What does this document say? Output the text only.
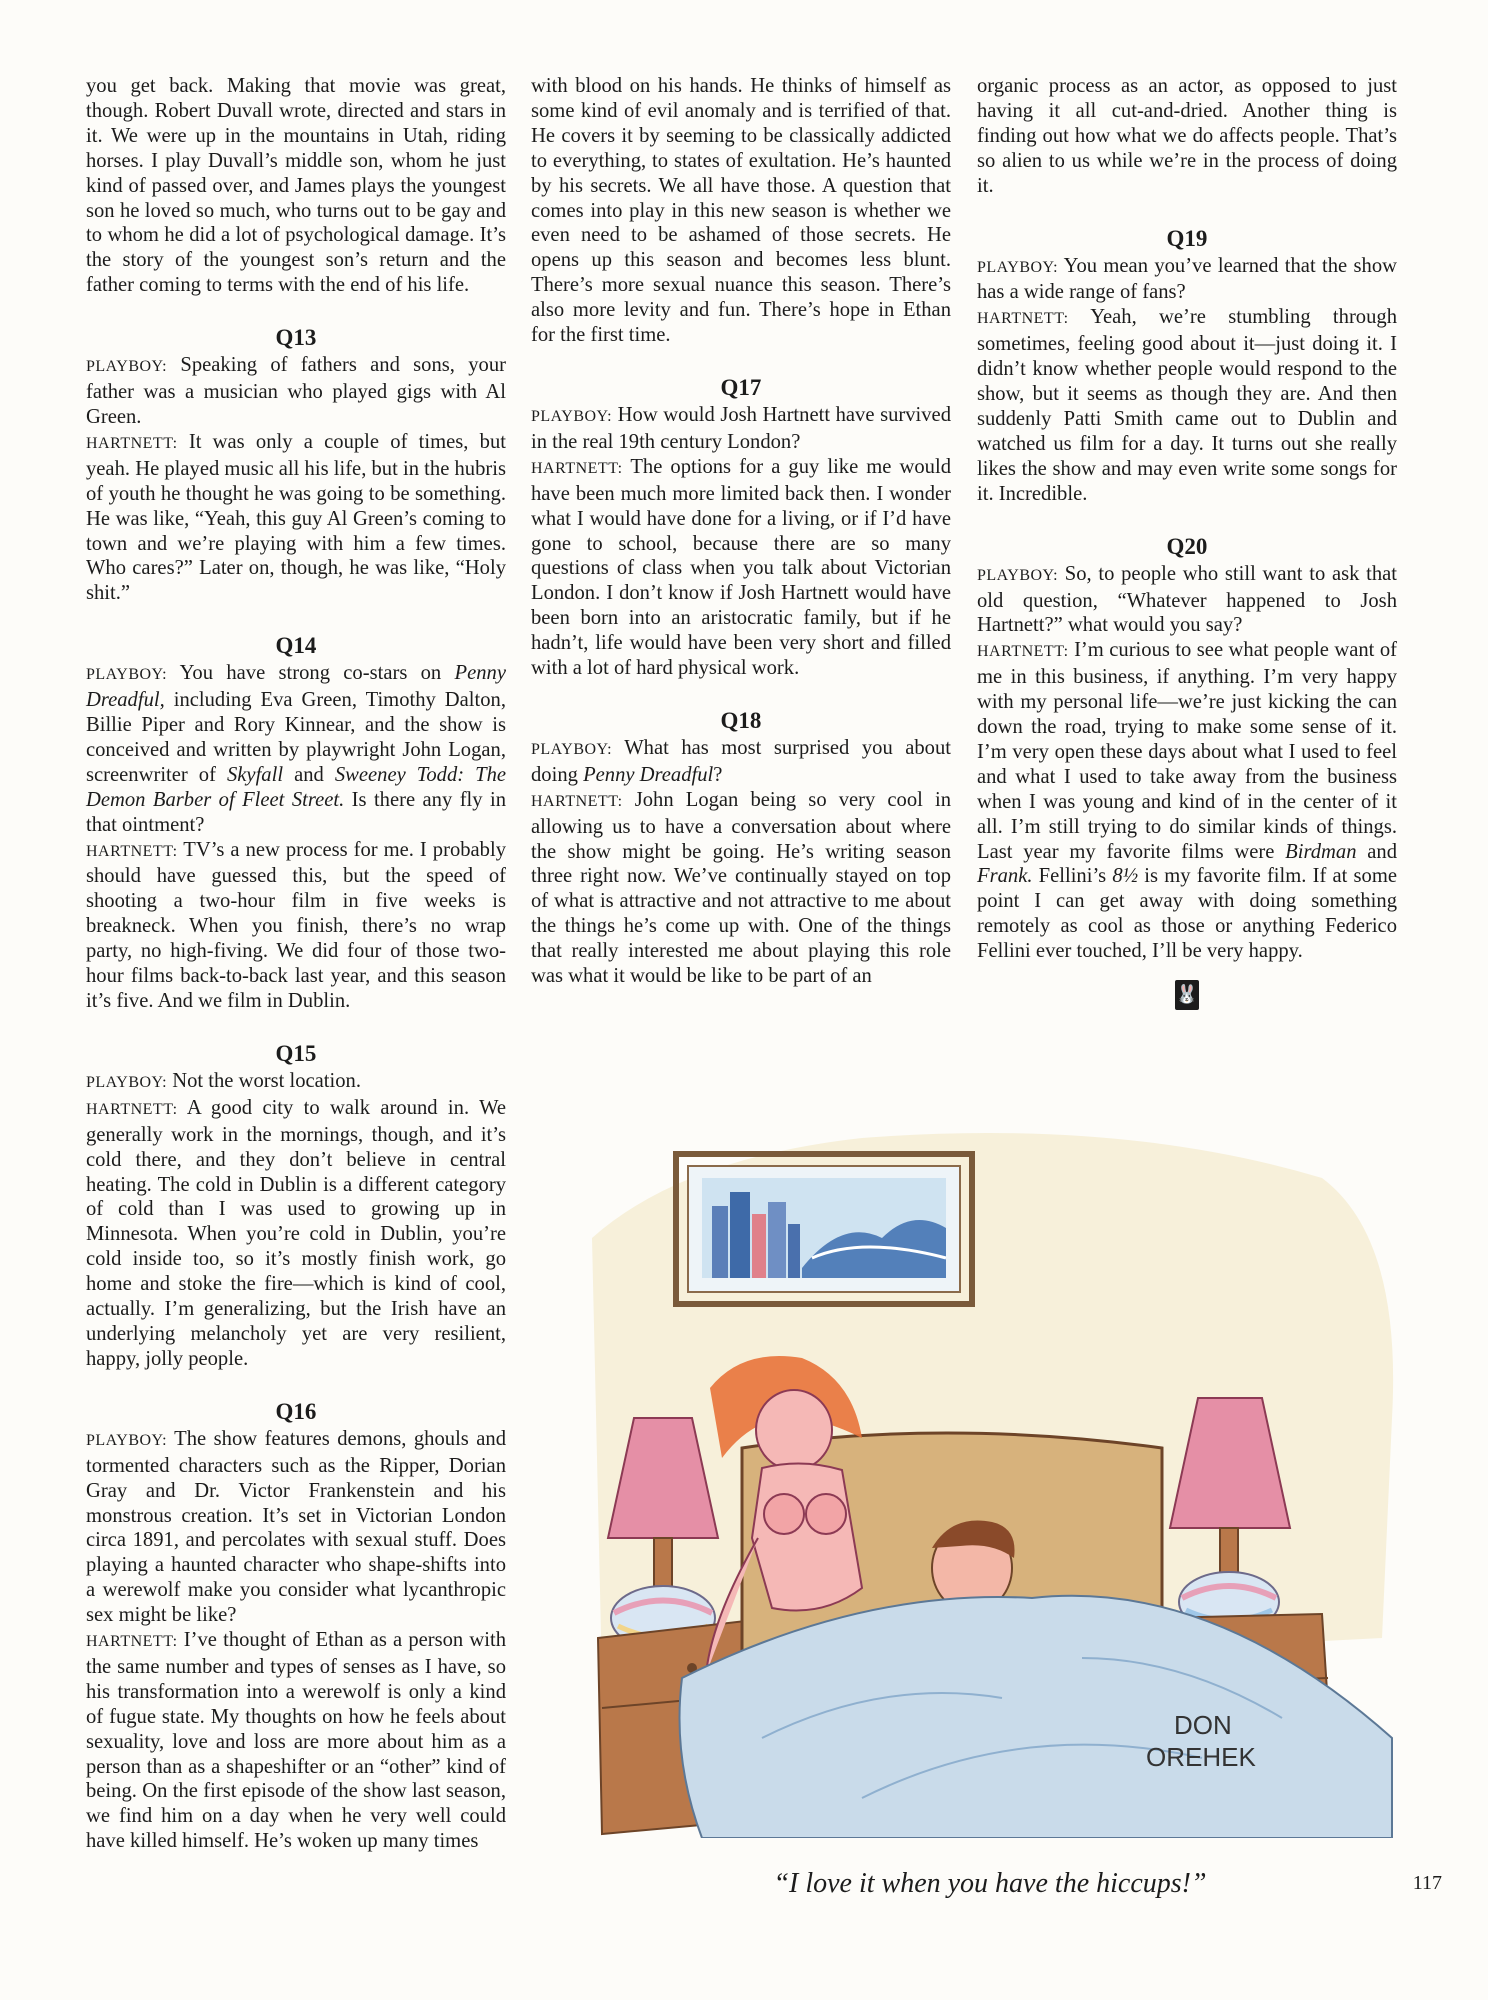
you get back. Making that movie was great, though. Robert Duvall wrote, directed and stars in it. We were up in the mountains in Utah, riding horses. I play Duvall’s middle son, whom he just kind of passed over, and James plays the youngest son he loved so much, who turns out to be gay and to whom he did a lot of psychological damage. It’s the story of the youngest son’s return and the father coming to terms with the end of his life.

Q13

PLAYBOY: Speaking of fathers and sons, your father was a musician who played gigs with Al Green.

HARTNETT: It was only a couple of times, but yeah. He played music all his life, but in the hubris of youth he thought he was going to be something. He was like, “Yeah, this guy Al Green’s coming to town and we’re playing with him a few times. Who cares?” Later on, though, he was like, “Holy shit.”

Q14

PLAYBOY: You have strong co-stars on Penny Dreadful, including Eva Green, Timothy Dalton, Billie Piper and Rory Kinnear, and the show is conceived and written by playwright John Logan, screenwriter of Skyfall and Sweeney Todd: The Demon Barber of Fleet Street. Is there any fly in that ointment?

HARTNETT: TV’s a new process for me. I probably should have guessed this, but the speed of shooting a two-hour film in five weeks is breakneck. When you finish, there’s no wrap party, no high-fiving. We did four of those two-hour films back-to-back last year, and this season it’s five. And we film in Dublin.

Q15

PLAYBOY: Not the worst location.

HARTNETT: A good city to walk around in. We generally work in the mornings, though, and it’s cold there, and they don’t believe in central heating. The cold in Dublin is a different category of cold than I was used to growing up in Minnesota. When you’re cold in Dublin, you’re cold inside too, so it’s mostly finish work, go home and stoke the fire—which is kind of cool, actually. I’m generalizing, but the Irish have an underlying melancholy yet are very resilient, happy, jolly people.

Q16

PLAYBOY: The show features demons, ghouls and tormented characters such as the Ripper, Dorian Gray and Dr. Victor Frankenstein and his monstrous creation. It’s set in Victorian London circa 1891, and percolates with sexual stuff. Does playing a haunted character who shape-shifts into a werewolf make you consider what lycanthropic sex might be like?

HARTNETT: I’ve thought of Ethan as a person with the same number and types of senses as I have, so his transformation into a werewolf is only a kind of fugue state. My thoughts on how he feels about sexuality, love and loss are more about him as a person than as a shapeshifter or an “other” kind of being. On the first episode of the show last season, we find him on a day when he very well could have killed himself. He’s woken up many times

with blood on his hands. He thinks of himself as some kind of evil anomaly and is terrified of that. He covers it by seeming to be classically addicted to everything, to states of exultation. He’s haunted by his secrets. We all have those. A question that comes into play in this new season is whether we even need to be ashamed of those secrets. He opens up this season and becomes less blunt. There’s more sexual nuance this season. There’s also more levity and fun. There’s hope in Ethan for the first time.

Q17

PLAYBOY: How would Josh Hartnett have survived in the real 19th century London?

HARTNETT: The options for a guy like me would have been much more limited back then. I wonder what I would have done for a living, or if I’d have gone to school, because there are so many questions of class when you talk about Victorian London. I don’t know if Josh Hartnett would have been born into an aristocratic family, but if he hadn’t, life would have been very short and filled with a lot of hard physical work.

Q18

PLAYBOY: What has most surprised you about doing Penny Dreadful?

HARTNETT: John Logan being so very cool in allowing us to have a conversation about where the show might be going. He’s writing season three right now. We’ve continually stayed on top of what is attractive and not attractive to me about the things he’s come up with. One of the things that really interested me about playing this role was what it would be like to be part of an

organic process as an actor, as opposed to just having it all cut-and-dried. Another thing is finding out how what we do affects people. That’s so alien to us while we’re in the process of doing it.

Q19

PLAYBOY: You mean you’ve learned that the show has a wide range of fans?

HARTNETT: Yeah, we’re stumbling through sometimes, feeling good about it—just doing it. I didn’t know whether people would respond to the show, but it seems as though they are. And then suddenly Patti Smith came out to Dublin and watched us film for a day. It turns out she really likes the show and may even write some songs for it. Incredible.

Q20

PLAYBOY: So, to people who still want to ask that old question, “Whatever happened to Josh Hartnett?” what would you say?

HARTNETT: I’m curious to see what people want of me in this business, if anything. I’m very happy with my personal life—we’re just kicking the can down the road, trying to make some sense of it. I’m very open these days about what I used to feel and what I used to take away from the business when I was young and kind of in the center of it all. I’m still trying to do similar kinds of things. Last year my favorite films were Birdman and Frank. Fellini’s 8½ is my favorite film. If at some point I can get away with doing something remotely as cool as those or anything Federico Fellini ever touched, I’ll be very happy.

🐰
DON
OREHEK
“I love it when you have the hiccups!”	117
